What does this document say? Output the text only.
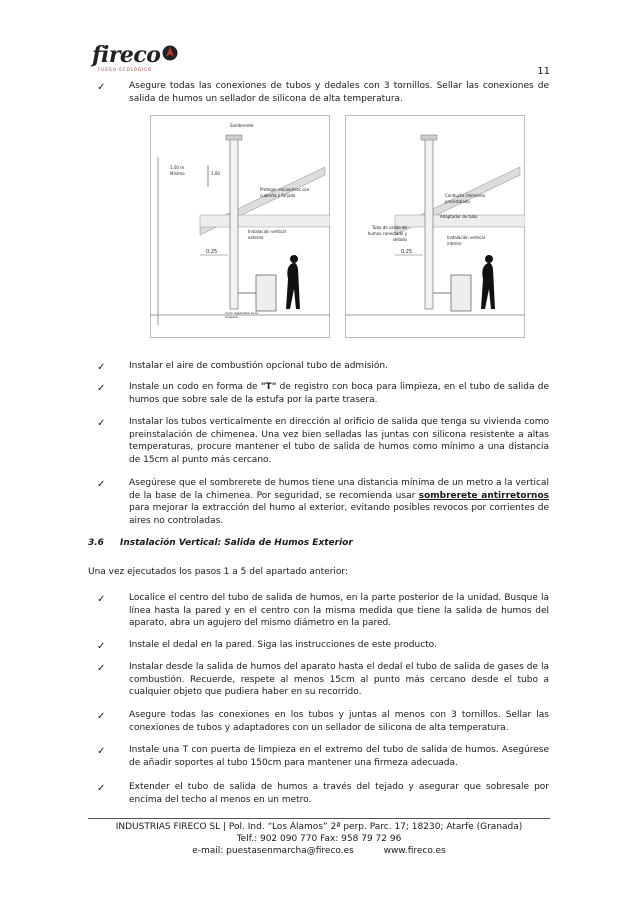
fireco
FUEGO ECOLÓGICO	11
✓	Asegure todas las conexiones de tubos y dedales con 3 tornillos. Sellar las conexiones de salida de humos un sellador de silicona de alta temperatura.
Sombrerete
1,00 m Mínimo	1,00
Proteger encuentros con cubierta y forjado
Instalación vertical exterior
0,25
Codo registrable boca limpieza
Conducto chimenea preinstalada
Adaptador de tubo
Tubo de salida de humos conectado y sellado	Instalación vertical interior
0,25
✓	Instalar el aire de combustión opcional tubo de admisión.
✓	Instale un codo en forma de "T" de registro con boca para limpieza, en el tubo de salida de humos que sobre sale de la estufa por la parte trasera.
✓	Instalar los tubos verticalmente en dirección al orificio de salida que tenga su vivienda como preinstalación de chimenea. Una vez bien selladas las juntas con silicona resistente a altas temperaturas, procure mantener el tubo de salida de humos como mínimo a una distancia de 15cm al punto más cercano.
✓	Asegúrese que el sombrerete de humos tiene una distancia mínima de un metro a la vertical de la base de la chimenea. Por seguridad, se recomienda usar sombrerete antirretornos para mejorar la extracción del humo al exterior, evitando posibles revocos por corrientes de aires no controladas.
3.6 Instalación Vertical: Salida de Humos Exterior
Una vez ejecutados los pasos 1 a 5 del apartado anterior:
✓	Localice el centro del tubo de salida de humos, en la parte posterior de la unidad. Busque la línea hasta la pared y en el centro con la misma medida que tiene la salida de humos del aparato, abra un agujero del mismo diámetro en la pared.
✓	Instale el dedal en la pared. Siga las instrucciones de este producto.
✓	Instalar desde la salida de humos del aparato hasta el dedal el tubo de salida de gases de la combustión. Recuerde, respete al menos 15cm al punto más cercano desde el tubo a cualquier objeto que pudiera haber en su recorrido.
✓	Asegure todas las conexiones en los tubos y juntas al menos con 3 tornillos. Sellar las conexiones de tubos y adaptadores con un sellador de silicona de alta temperatura.
✓	Instale una T con puerta de limpieza en el extremo del tubo de salida de humos. Asegúrese de añadir soportes al tubo 150cm para mantener una firmeza adecuada.
✓	Extender el tubo de salida de humos a través del tejado y asegurar que sobresale por encima del techo al menos en un metro.
INDUSTRIAS FIRECO SL | Pol. Ind. “Los Álamos” 2ª perp. Parc. 17; 18230; Atarfe (Granada)
Telf.: 902 090 770 Fax: 958 79 72 96
e-mail: puestasenmarcha@fireco.es	www.fireco.es
